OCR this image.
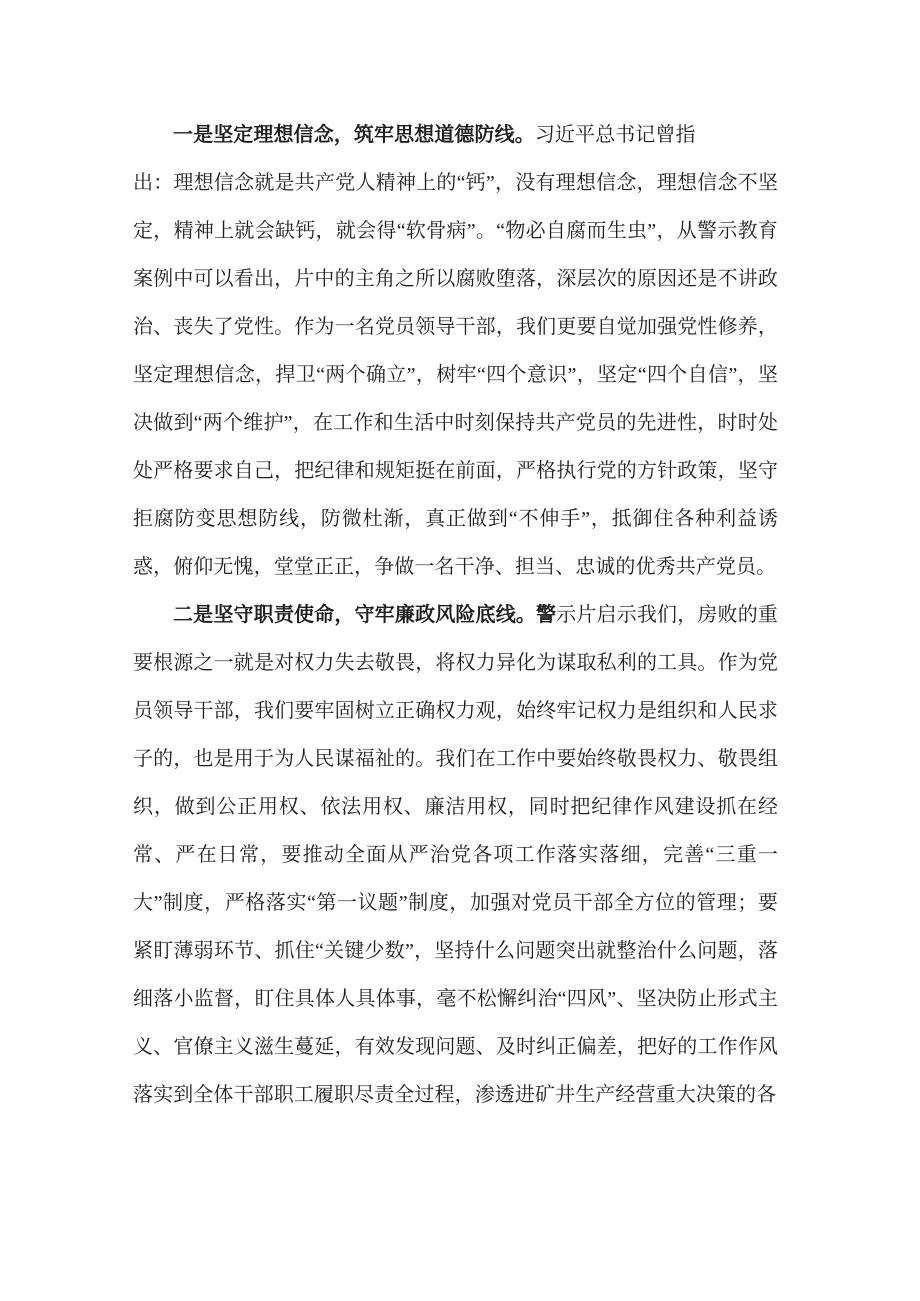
一是坚定理想信念，筑牢思想道德防线。习近平总书记曾指
出：理想信念就是共产党人精神上的“钙”，没有理想信念，理想信念不坚定，精神上就会缺钙，就会得“软骨病”。“物必自腐而生虫”，从警示教育案例中可以看出，片中的主角之所以腐败堕落，深层次的原因还是不讲政治、丧失了党性。作为一名党员领导干部，我们更要自觉加强党性修养，坚定理想信念，捍卫“两个确立”，树牢“四个意识”，坚定“四个自信”，坚决做到“两个维护”，在工作和生活中时刻保持共产党员的先进性，时时处处严格要求自己，把纪律和规矩挺在前面，严格执行党的方针政策，坚守拒腐防变思想防线，防微杜渐，真正做到“不伸手”，抵御住各种利益诱惑，俯仰无愧，堂堂正正，争做一名干净、担当、忠诚的优秀共产党员。
二是坚守职责使命，守牢廉政风险底线。警示片启示我们，房败的重要根源之一就是对权力失去敬畏，将权力异化为谋取私利的工具。作为党员领导干部，我们要牢固树立正确权力观，始终牢记权力是组织和人民求子的，也是用于为人民谋福祉的。我们在工作中要始终敬畏权力、敬畏组织，做到公正用权、依法用权、廉洁用权，同时把纪律作风建设抓在经常、严在日常，要推动全面从严治党各项工作落实落细，完善“三重一大”制度，严格落实“第一议题”制度，加强对党员干部全方位的管理；要紧盯薄弱环节、抓住“关键少数”，坚持什么问题突出就整治什么问题，落细落小监督，盯住具体人具体事，毫不松懈纠治“四风”、坚决防止形式主义、官僚主义滋生蔓延，有效发现问题、及时纠正偏差，把好的工作作风落实到全体干部职工履职尽责全过程，渗透进矿井生产经营重大决策的各
